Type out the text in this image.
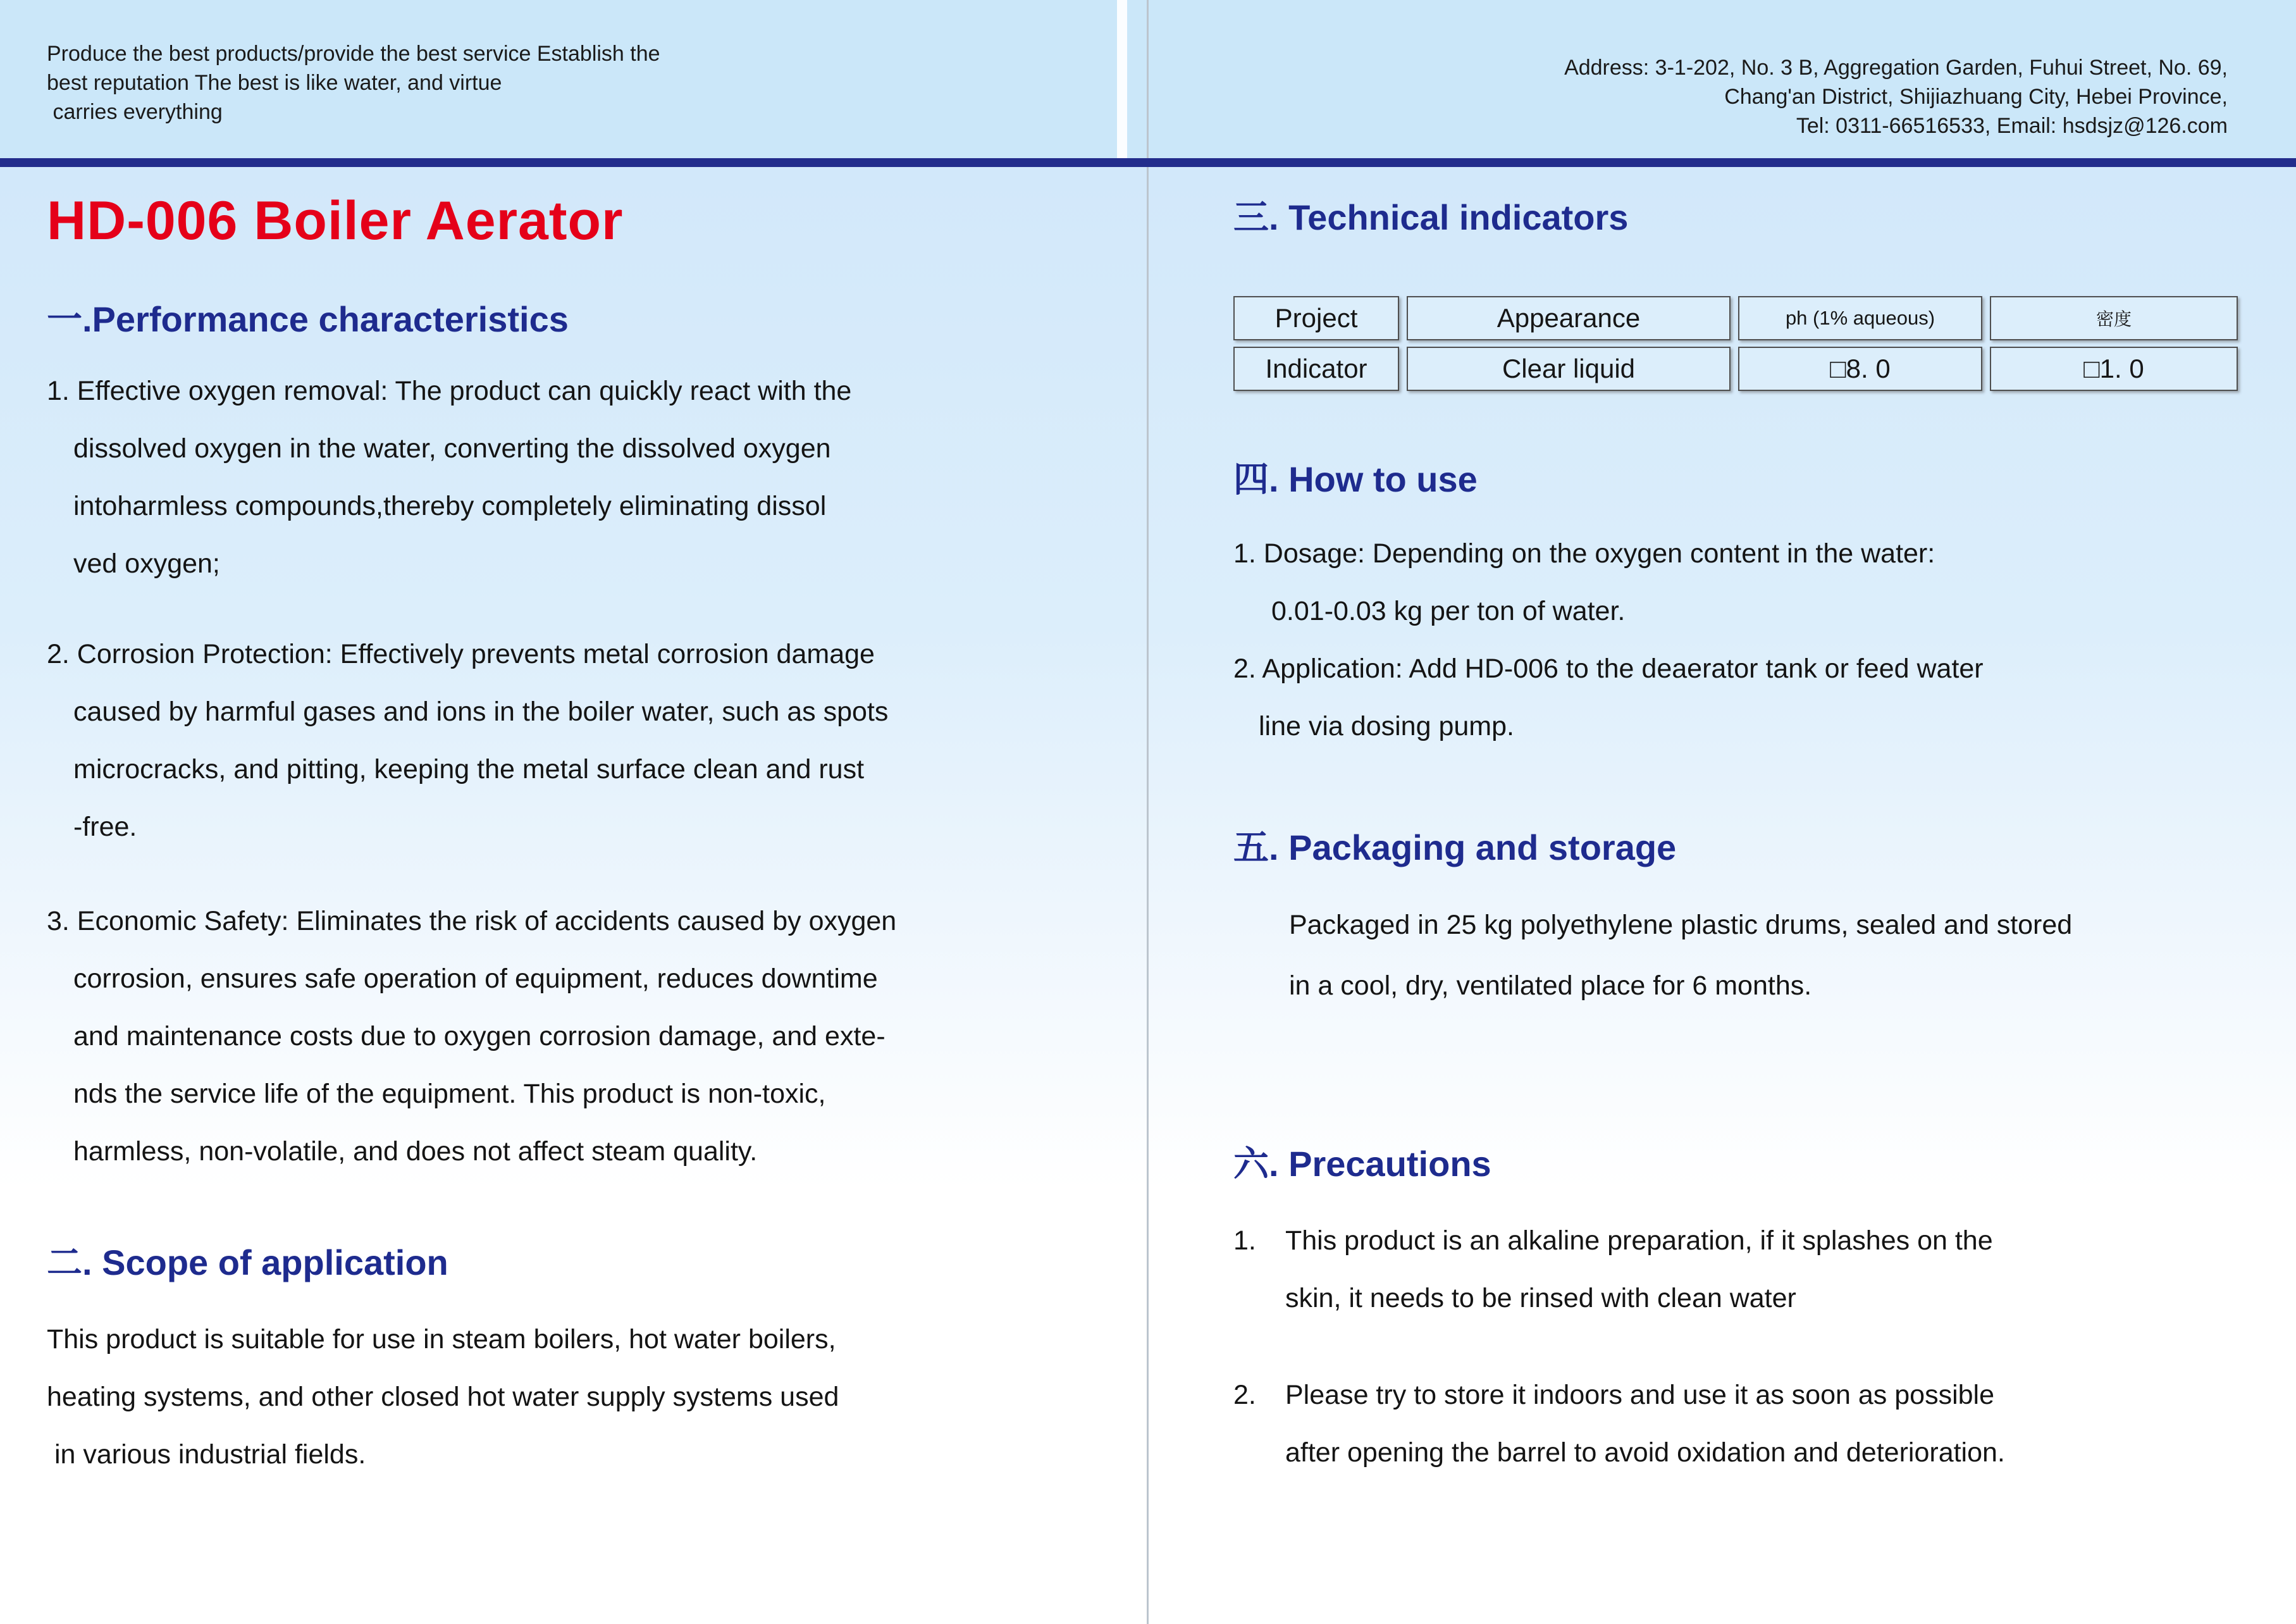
Produce the best products/provide the best service Establish the
best reputation The best is like water, and virtue
carries everything
Address: 3-1-202, No. 3 B, Aggregation Garden, Fuhui Street, No. 69,
Chang'an District, Shijiazhuang City, Hebei Province,
Tel: 0311-66516533, Email: hsdsjz@126.com
HD-006 Boiler Aerator
一.Performance characteristics
1. Effective oxygen removal: The product can quickly react with the
dissolved oxygen in the water, converting the dissolved oxygen
intoharmless compounds,thereby completely eliminating dissol
ved oxygen;
2. Corrosion Protection: Effectively prevents metal corrosion damage
caused by harmful gases and ions in the boiler water, such as spots
microcracks, and pitting, keeping the metal surface clean and rust
-free.
3. Economic Safety: Eliminates the risk of accidents caused by oxygen
corrosion, ensures safe operation of equipment, reduces downtime
and maintenance costs due to oxygen corrosion damage, and exte-
nds the service life of the equipment. This product is non-toxic,
harmless, non-volatile, and does not affect steam quality.
二. Scope of application
This product is suitable for use in steam boilers, hot water boilers,
heating systems, and other closed hot water supply systems used
in various industrial fields.
三. Technical indicators
Project	Appearance	ph (1% aqueous)	密度
Indicator	Clear liquid	□8. 0	□1. 0
四. How to use
1. Dosage: Depending on the oxygen content in the water:
0.01-0.03 kg per ton of water.
2. Application: Add HD-006 to the deaerator tank or feed water
line via dosing pump.
五. Packaging and storage
Packaged in 25 kg polyethylene plastic drums, sealed and stored
in a cool, dry, ventilated place for 6 months.
六. Precautions
1.	This product is an alkaline preparation, if it splashes on the
skin, it needs to be rinsed with clean water
2.	Please try to store it indoors and use it as soon as possible
after opening the barrel to avoid oxidation and deterioration.
